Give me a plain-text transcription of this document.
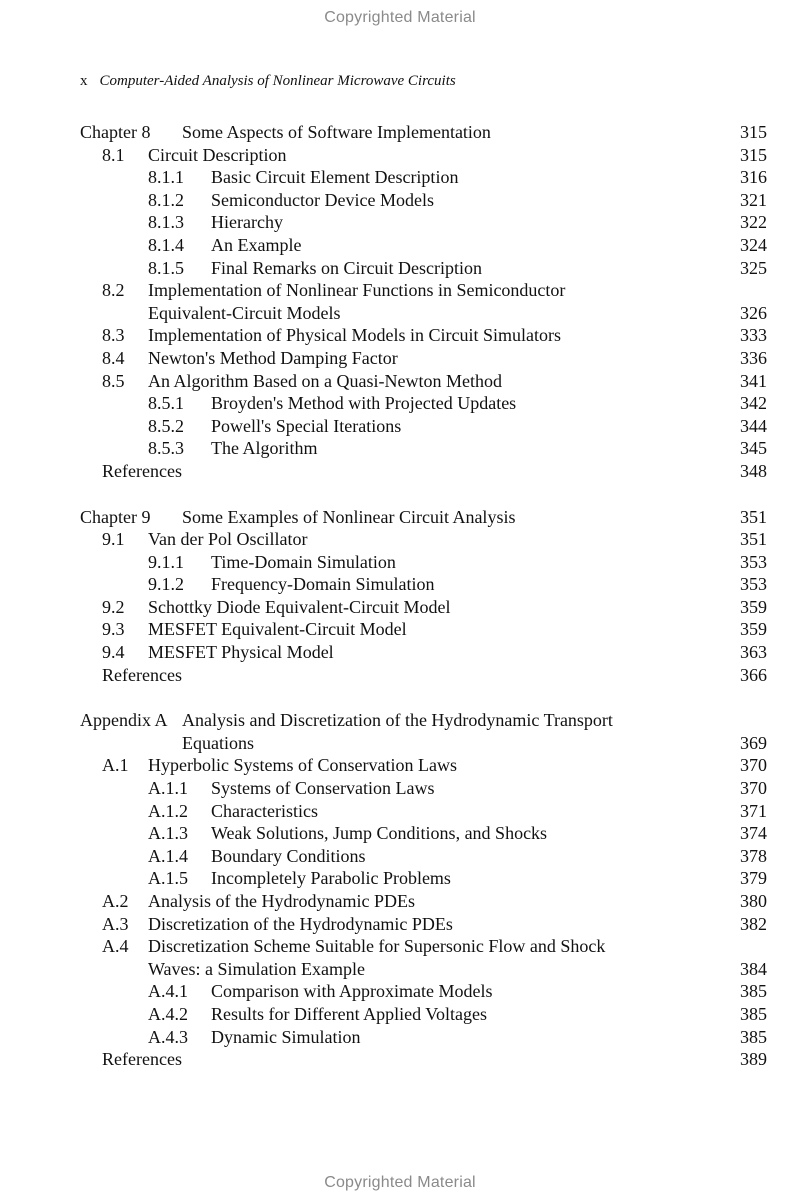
Copyrighted Material
x Computer-Aided Analysis of Nonlinear Microwave Circuits
Chapter 8 Some Aspects of Software Implementation	315
8.1 Circuit Description	315
8.1.1 Basic Circuit Element Description	316
8.1.2 Semiconductor Device Models	321
8.1.3 Hierarchy	322
8.1.4 An Example	324
8.1.5 Final Remarks on Circuit Description	325
8.2 Implementation of Nonlinear Functions in Semiconductor
Equivalent-Circuit Models	326
8.3 Implementation of Physical Models in Circuit Simulators	333
8.4 Newton's Method Damping Factor	336
8.5 An Algorithm Based on a Quasi-Newton Method	341
8.5.1 Broyden's Method with Projected Updates	342
8.5.2 Powell's Special Iterations	344
8.5.3 The Algorithm	345
References	348
Chapter 9 Some Examples of Nonlinear Circuit Analysis	351
9.1 Van der Pol Oscillator	351
9.1.1 Time-Domain Simulation	353
9.1.2 Frequency-Domain Simulation	353
9.2 Schottky Diode Equivalent-Circuit Model	359
9.3 MESFET Equivalent-Circuit Model	359
9.4 MESFET Physical Model	363
References	366
Appendix A Analysis and Discretization of the Hydrodynamic Transport
Equations	369
A.1 Hyperbolic Systems of Conservation Laws	370
A.1.1 Systems of Conservation Laws	370
A.1.2 Characteristics	371
A.1.3 Weak Solutions, Jump Conditions, and Shocks	374
A.1.4 Boundary Conditions	378
A.1.5 Incompletely Parabolic Problems	379
A.2 Analysis of the Hydrodynamic PDEs	380
A.3 Discretization of the Hydrodynamic PDEs	382
A.4 Discretization Scheme Suitable for Supersonic Flow and Shock
Waves: a Simulation Example	384
A.4.1 Comparison with Approximate Models	385
A.4.2 Results for Different Applied Voltages	385
A.4.3 Dynamic Simulation	385
References	389
Copyrighted Material
